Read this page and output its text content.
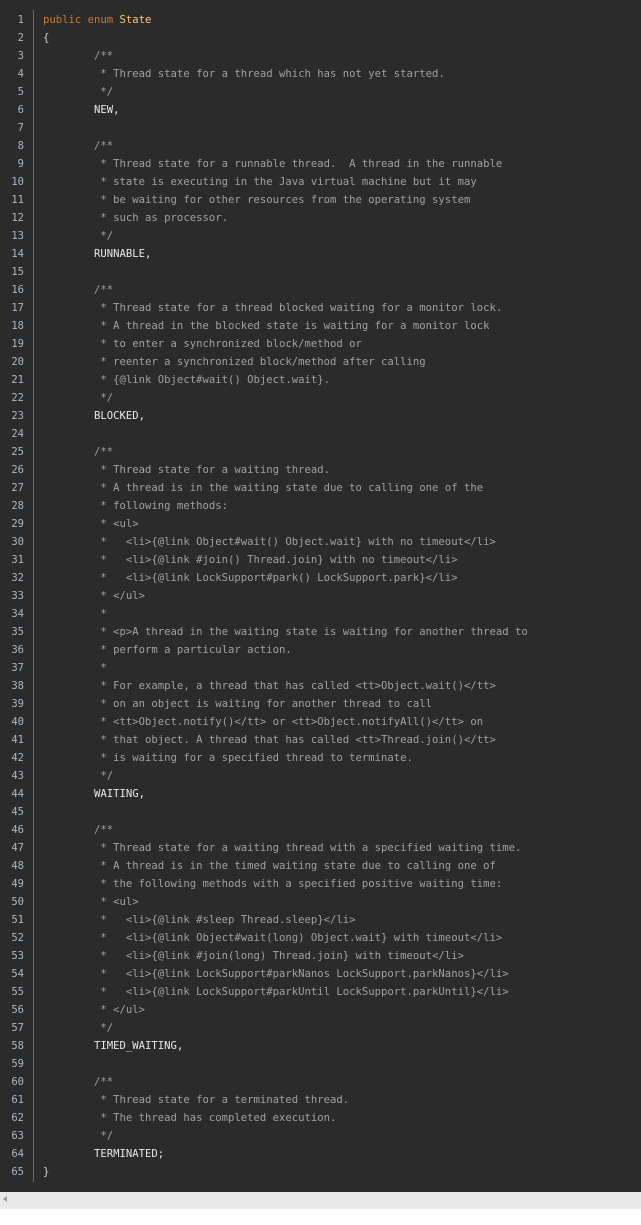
1
2
3
4
5
6
7
8
9
10
11
12
13
14
15
16
17
18
19
20
21
22
23
24
25
26
27
28
29
30
31
32
33
34
35
36
37
38
39
40
41
42
43
44
45
46
47
48
49
50
51
52
53
54
55
56
57
58
59
60
61
62
63
64
65
public enum State
{
/**
* Thread state for a thread which has not yet started.
*/
NEW,
/**
* Thread state for a runnable thread.  A thread in the runnable
* state is executing in the Java virtual machine but it may
* be waiting for other resources from the operating system
* such as processor.
*/
RUNNABLE,
/**
* Thread state for a thread blocked waiting for a monitor lock.
* A thread in the blocked state is waiting for a monitor lock
* to enter a synchronized block/method or
* reenter a synchronized block/method after calling
* {@link Object#wait() Object.wait}.
*/
BLOCKED,
/**
* Thread state for a waiting thread.
* A thread is in the waiting state due to calling one of the
* following methods:
* <ul>
*   <li>{@link Object#wait() Object.wait} with no timeout</li>
*   <li>{@link #join() Thread.join} with no timeout</li>
*   <li>{@link LockSupport#park() LockSupport.park}</li>
* </ul>
*
* <p>A thread in the waiting state is waiting for another thread to
* perform a particular action.
*
* For example, a thread that has called <tt>Object.wait()</tt>
* on an object is waiting for another thread to call
* <tt>Object.notify()</tt> or <tt>Object.notifyAll()</tt> on
* that object. A thread that has called <tt>Thread.join()</tt>
* is waiting for a specified thread to terminate.
*/
WAITING,
/**
* Thread state for a waiting thread with a specified waiting time.
* A thread is in the timed waiting state due to calling one of
* the following methods with a specified positive waiting time:
* <ul>
*   <li>{@link #sleep Thread.sleep}</li>
*   <li>{@link Object#wait(long) Object.wait} with timeout</li>
*   <li>{@link #join(long) Thread.join} with timeout</li>
*   <li>{@link LockSupport#parkNanos LockSupport.parkNanos}</li>
*   <li>{@link LockSupport#parkUntil LockSupport.parkUntil}</li>
* </ul>
*/
TIMED_WAITING,
/**
* Thread state for a terminated thread.
* The thread has completed execution.
*/
TERMINATED;
}
